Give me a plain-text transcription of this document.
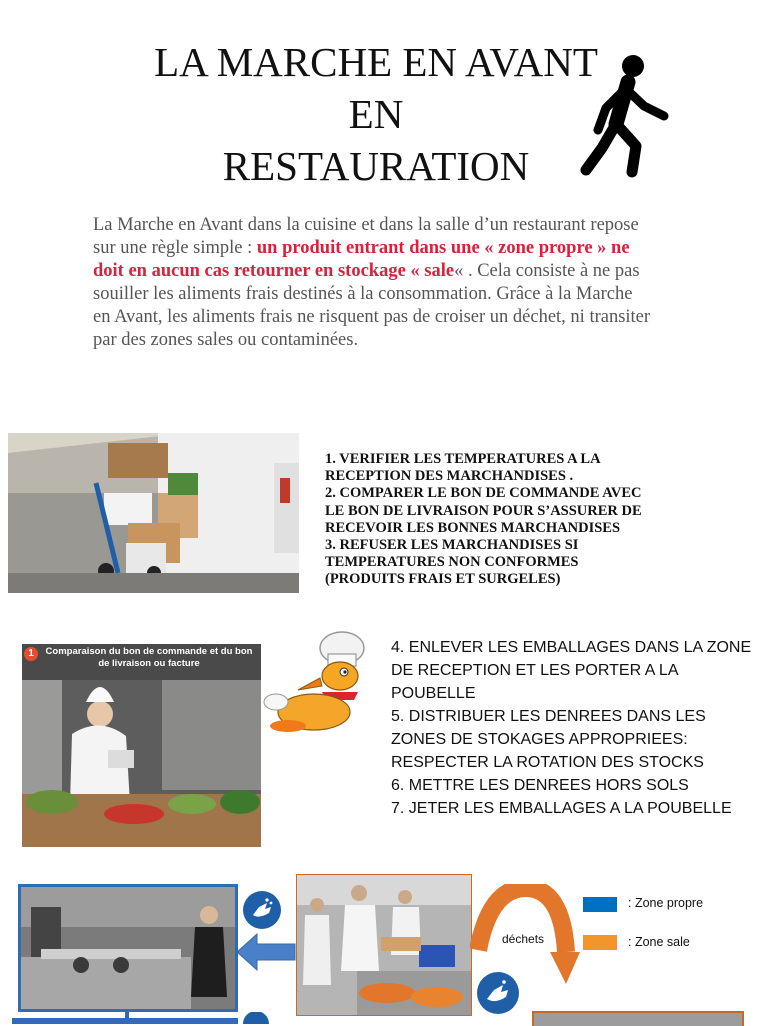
LA MARCHE EN AVANT
EN
RESTAURATION
La Marche en Avant dans la cuisine et dans la salle d’un restaurant repose sur une règle simple : un produit entrant dans une « zone propre » ne doit en aucun cas retourner en stockage « sale« . Cela consiste à ne pas souiller les aliments frais destinés à la consommation. Grâce à la Marche en Avant, les aliments frais ne risquent pas de croiser un déchet, ni transiter par des zones sales ou contaminées.
1. VERIFIER LES TEMPERATURES A LA RECEPTION DES MARCHANDISES .
2. COMPARER LE BON DE COMMANDE AVEC LE BON DE LIVRAISON POUR S’ASSURER DE RECEVOIR LES BONNES MARCHANDISES
3. REFUSER LES MARCHANDISES SI TEMPERATURES NON CONFORMES (PRODUITS FRAIS ET SURGELES)
1	Comparaison du bon de commande et du bon de livraison ou facture
4. ENLEVER LES EMBALLAGES DANS LA ZONE DE RECEPTION ET LES PORTER A LA POUBELLE
5. DISTRIBUER LES DENREES DANS LES ZONES DE STOKAGES APPROPRIEES: RESPECTER LA ROTATION DES STOCKS
6. METTRE LES DENREES HORS SOLS
7. JETER LES EMBALLAGES A LA POUBELLE
déchets
: Zone propre
: Zone sale
